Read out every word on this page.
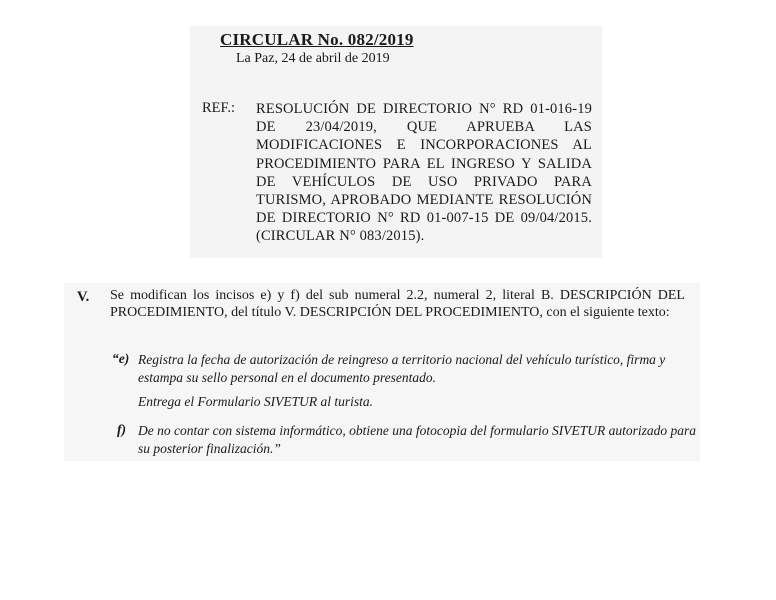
CIRCULAR No. 082/2019
La Paz, 24 de abril de 2019
REF.: RESOLUCIÓN DE DIRECTORIO N° RD 01-016-19 DE 23/04/2019, QUE APRUEBA LAS MODIFICACIONES E INCORPORACIONES AL PROCEDIMIENTO PARA EL INGRESO Y SALIDA DE VEHÍCULOS DE USO PRIVADO PARA TURISMO, APROBADO MEDIANTE RESOLUCIÓN DE DIRECTORIO N° RD 01-007-15 DE 09/04/2015. (CIRCULAR N° 083/2015).
V. Se modifican los incisos e) y f) del sub numeral 2.2, numeral 2, literal B. DESCRIPCIÓN DEL PROCEDIMIENTO, del título V. DESCRIPCIÓN DEL PROCEDIMIENTO, con el siguiente texto:
“e) Registra la fecha de autorización de reingreso a territorio nacional del vehículo turístico, firma y estampa su sello personal en el documento presentado.
Entrega el Formulario SIVETUR al turista.
f) De no contar con sistema informático, obtiene una fotocopia del formulario SIVETUR autorizado para su posterior finalización.”
